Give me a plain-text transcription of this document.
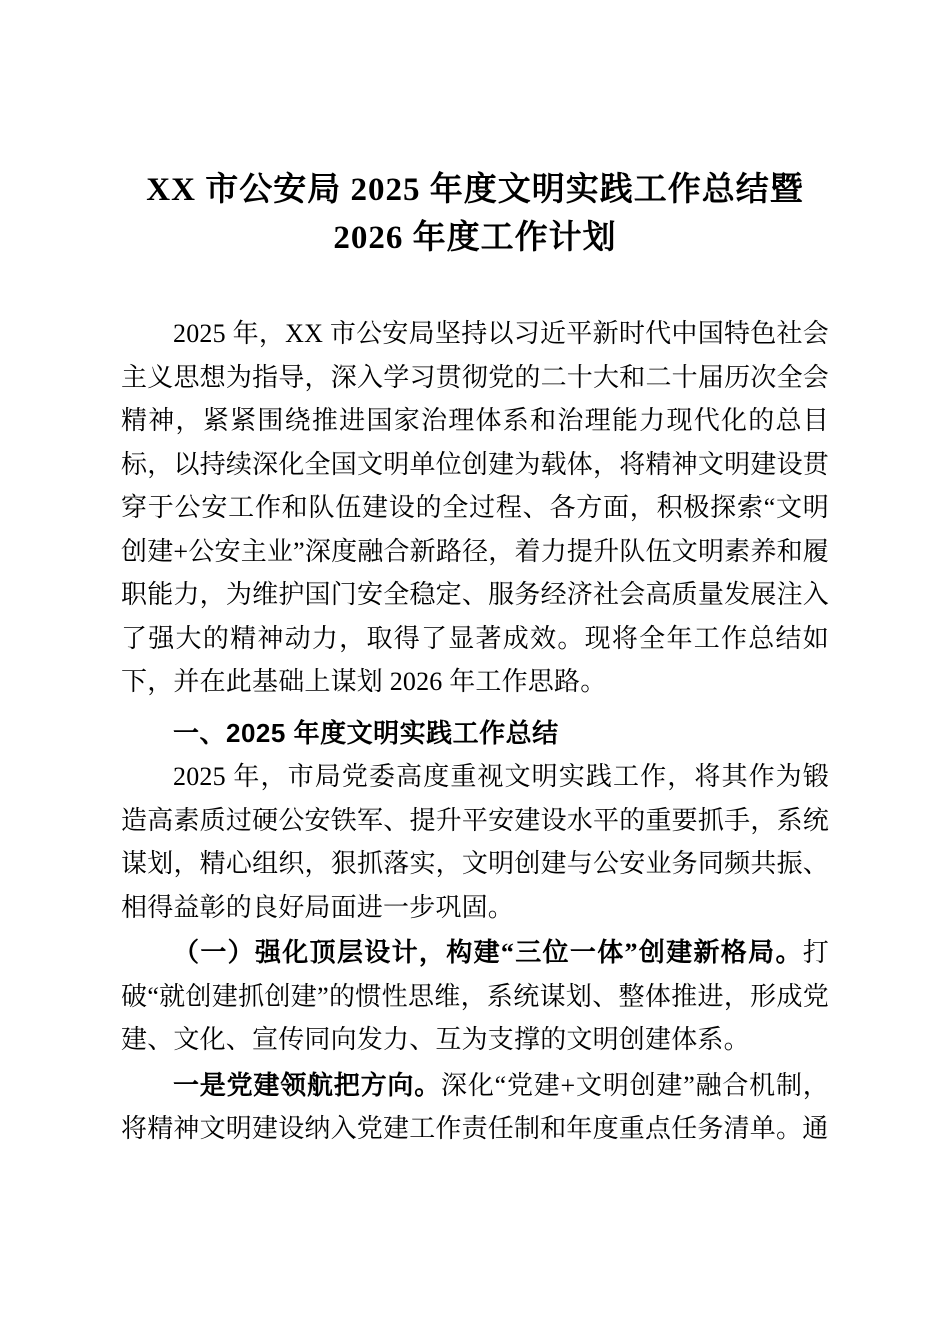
XX 市公安局 2025 年度文明实践工作总结暨
2026 年度工作计划

2025 年，XX 市公安局坚持以习近平新时代中国特色社会主义思想为指导，深入学习贯彻党的二十大和二十届历次全会精神，紧紧围绕推进国家治理体系和治理能力现代化的总目标，以持续深化全国文明单位创建为载体，将精神文明建设贯穿于公安工作和队伍建设的全过程、各方面，积极探索“文明创建+公安主业”深度融合新路径，着力提升队伍文明素养和履职能力，为维护国门安全稳定、服务经济社会高质量发展注入了强大的精神动力，取得了显著成效。现将全年工作总结如下，并在此基础上谋划 2026 年工作思路。

一、2025 年度文明实践工作总结

2025 年，市局党委高度重视文明实践工作，将其作为锻造高素质过硬公安铁军、提升平安建设水平的重要抓手，系统谋划，精心组织，狠抓落实，文明创建与公安业务同频共振、相得益彰的良好局面进一步巩固。

（一）强化顶层设计，构建“三位一体”创建新格局。打破“就创建抓创建”的惯性思维，系统谋划、整体推进，形成党建、文化、宣传同向发力、互为支撑的文明创建体系。

一是党建领航把方向。深化“党建+文明创建”融合机制，将精神文明建设纳入党建工作责任制和年度重点任务清单。通
